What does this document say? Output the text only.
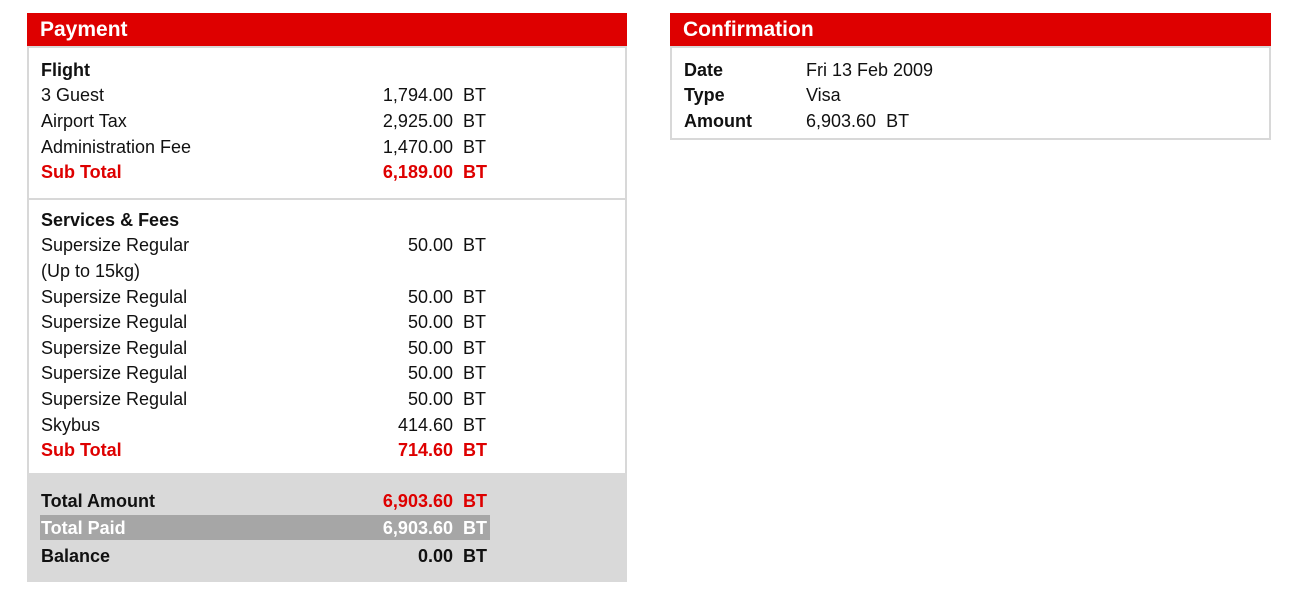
Payment
Flight
3 Guest	1,794.00 BT
Airport Tax	2,925.00 BT
Administration Fee	1,470.00 BT
Sub Total	6,189.00 BT
Services & Fees
Supersize Regular	50.00 BT
(Up to 15kg)
Supersize Regulal	50.00 BT
Supersize Regulal	50.00 BT
Supersize Regulal	50.00 BT
Supersize Regulal	50.00 BT
Supersize Regulal	50.00 BT
Skybus	414.60 BT
Sub Total	714.60 BT
Total Amount	6,903.60 BT
Total Paid	6,903.60 BT
Balance	0.00 BT
Confirmation
Date	Fri 13 Feb 2009
Type	Visa
Amount	6,903.60  BT
